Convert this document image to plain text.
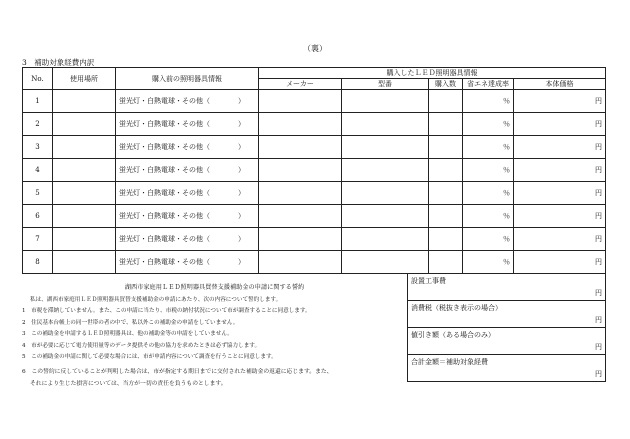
（裏）
3　補助対象経費内訳
No.	使用場所	購入前の照明器具情報	購入したＬＥＤ照明器具情報				
			メーカー	型番	購入数	省エネ達成率	本体価格
1		蛍光灯・白熱電球・その他（　　　　）				％	円
2		蛍光灯・白熱電球・その他（　　　　）				％	円
3		蛍光灯・白熱電球・その他（　　　　）				％	円
4		蛍光灯・白熱電球・その他（　　　　）				％	円
5		蛍光灯・白熱電球・その他（　　　　）				％	円
6		蛍光灯・白熱電球・その他（　　　　）				％	円
7		蛍光灯・白熱電球・その他（　　　　）				％	円
8		蛍光灯・白熱電球・その他（　　　　）				％	円
設置工事費
円

消費税（税抜き表示の場合）
円

値引き額（ある場合のみ）
円

合計金額＝補助対象経費
円
湖西市家庭用ＬＥＤ照明器具買替支援補助金の申請に関する誓約
私は、湖西市家庭用ＬＥＤ照明器具買替支援補助金の申請にあたり、次の内容について誓約します。
1　市税を滞納していません。また、この申請に当たり、市税の納付状況について市が調査することに同意します。
2　住民基本台帳上の同一世帯の者の中で、私以外この補助金の申請をしていません。
3　この補助金を申請するＬＥＤ照明器具は、他の補助金等の申請をしていません。
4　市が必要に応じて電力使用量等のデータ提供その他の協力を求めたときは必ず協力します。
5　この補助金の申請に関して必要な場合には、市が申請内容について調査を行うことに同意します。
6　この誓約に反していることが判明した場合は、市が指定する期日までに交付された補助金の返還に応じます。また、
それにより生じた損害については、当方が一切の責任を負うものとします。
